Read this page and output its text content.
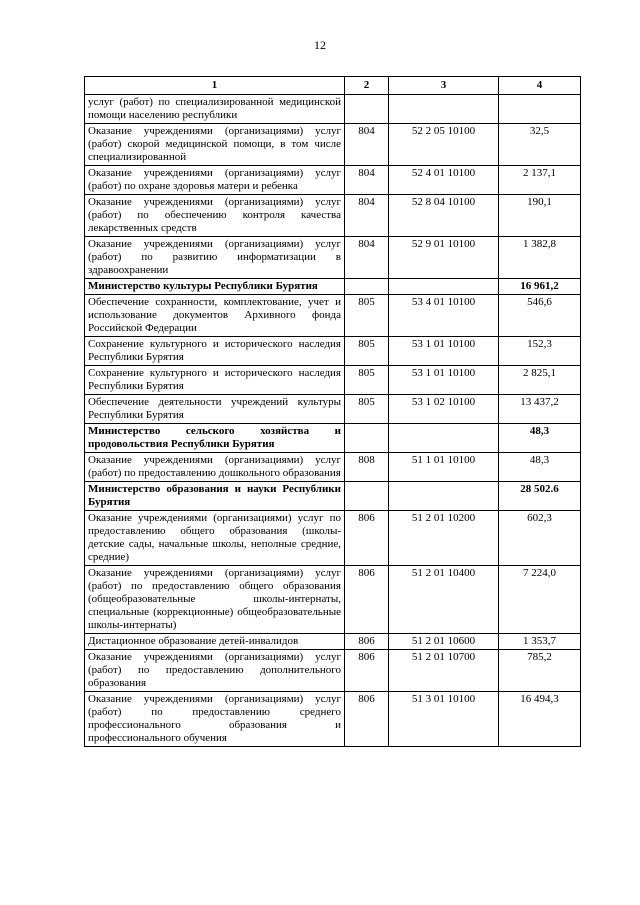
12
1	2	3	4
услуг (работ) по специализированной медицинской помощи населению республики			
Оказание учреждениями (организациями) услуг (работ) скорой медицинской помощи, в том числе специализированной	804	52 2 05 10100	32,5
Оказание учреждениями (организациями) услуг (работ) по охране здоровья матери и ребенка	804	52 4 01 10100	2 137,1
Оказание учреждениями (организациями) услуг (работ) по обеспечению контроля качества лекарственных средств	804	52 8 04 10100	190,1
Оказание учреждениями (организациями) услуг (работ) по развитию информатизации в здравоохранении	804	52 9 01 10100	1 382,8
Министерство культуры Республики Бурятия			16 961,2
Обеспечение сохранности, комплектование, учет и использование документов Архивного фонда Российской Федерации	805	53 4 01 10100	546,6
Сохранение культурного и исторического наследия Республики Бурятия	805	53 1 01 10100	152,3
Сохранение культурного и исторического наследия Республики Бурятия	805	53 1 01 10100	2 825,1
Обеспечение деятельности учреждений культуры Республики Бурятия	805	53 1 02 10100	13 437,2
Министерство сельского хозяйства и продовольствия Республики Бурятия			48,3
Оказание учреждениями (организациями) услуг (работ) по предоставлению дошкольного образования	808	51 1 01 10100	48,3
Министерство образования и науки Республики Бурятия			28 502.6
Оказание учреждениями (организациями) услуг по предоставлению общего образования (школы-детские сады, начальные школы, неполные средние, средние)	806	51 2 01 10200	602,3
Оказание учреждениями (организациями) услуг (работ) по предоставлению общего образования (общеобразовательные школы-интернаты, специальные (коррекционные) общеобразовательные школы-интернаты)	806	51 2 01 10400	7 224,0
Дистационное образование детей-инвалидов	806	51 2 01 10600	1 353,7
Оказание учреждениями (организациями) услуг (работ) по предоставлению дополнительного образования	806	51 2 01 10700	785,2
Оказание учреждениями (организациями) услуг (работ) по предоставлению среднего профессионального образования и профессионального обучения	806	51 3 01 10100	16 494,3
